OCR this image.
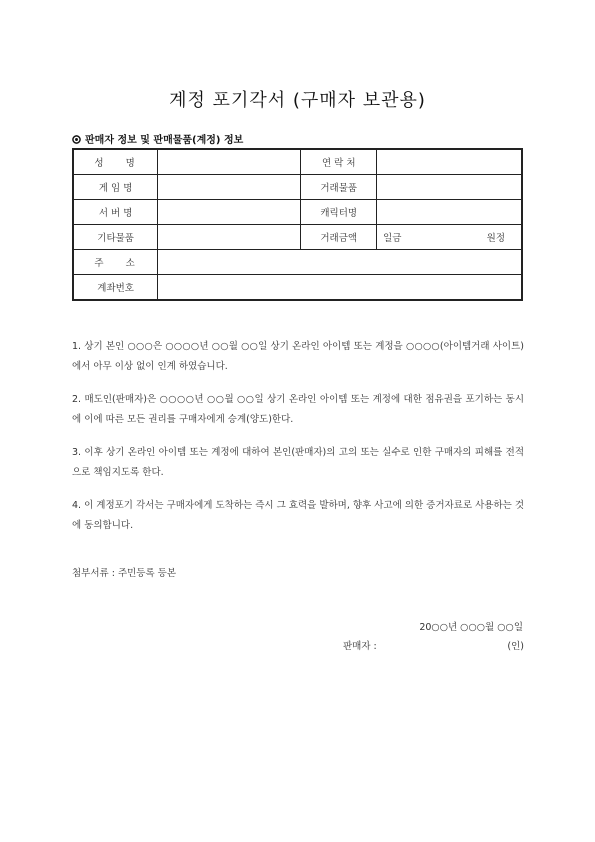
계정 포기각서 (구매자 보관용)
판매자 정보 및 판매물품(계정) 정보
성    명		연 락 처	
게 임 명		거래물품	
서 버 명		캐릭터명	
기타물품		거래금액	일금 원정

주    소			
계좌번호			
1. 상기 본인 ○○○은 ○○○○년 ○○월 ○○일 상기 온라인 아이템 또는 계정을 ○○○○(아이템거래 사이트) 에서 아무 이상 없이 인계 하였습니다.
2. 매도인(판매자)은 ○○○○년 ○○월 ○○일 상기 온라인 아이템 또는 계정에 대한 점유권을 포기하는 동시에 이에 따른 모든 권리를 구매자에게 승계(양도)한다.
3. 이후 상기 온라인 아이템 또는 계정에 대하여 본인(판매자)의 고의 또는 실수로 인한 구매자의 피해를 전적으로 책임지도록 한다.
4. 이 계정포기 각서는 구매자에게 도착하는 즉시 그 효력을 발하며, 향후 사고에 의한 증거자료로 사용하는 것에 동의합니다.
첨부서류 : 주민등록 등본
20○○년 ○○○월 ○○일
판매자 :	(인)
